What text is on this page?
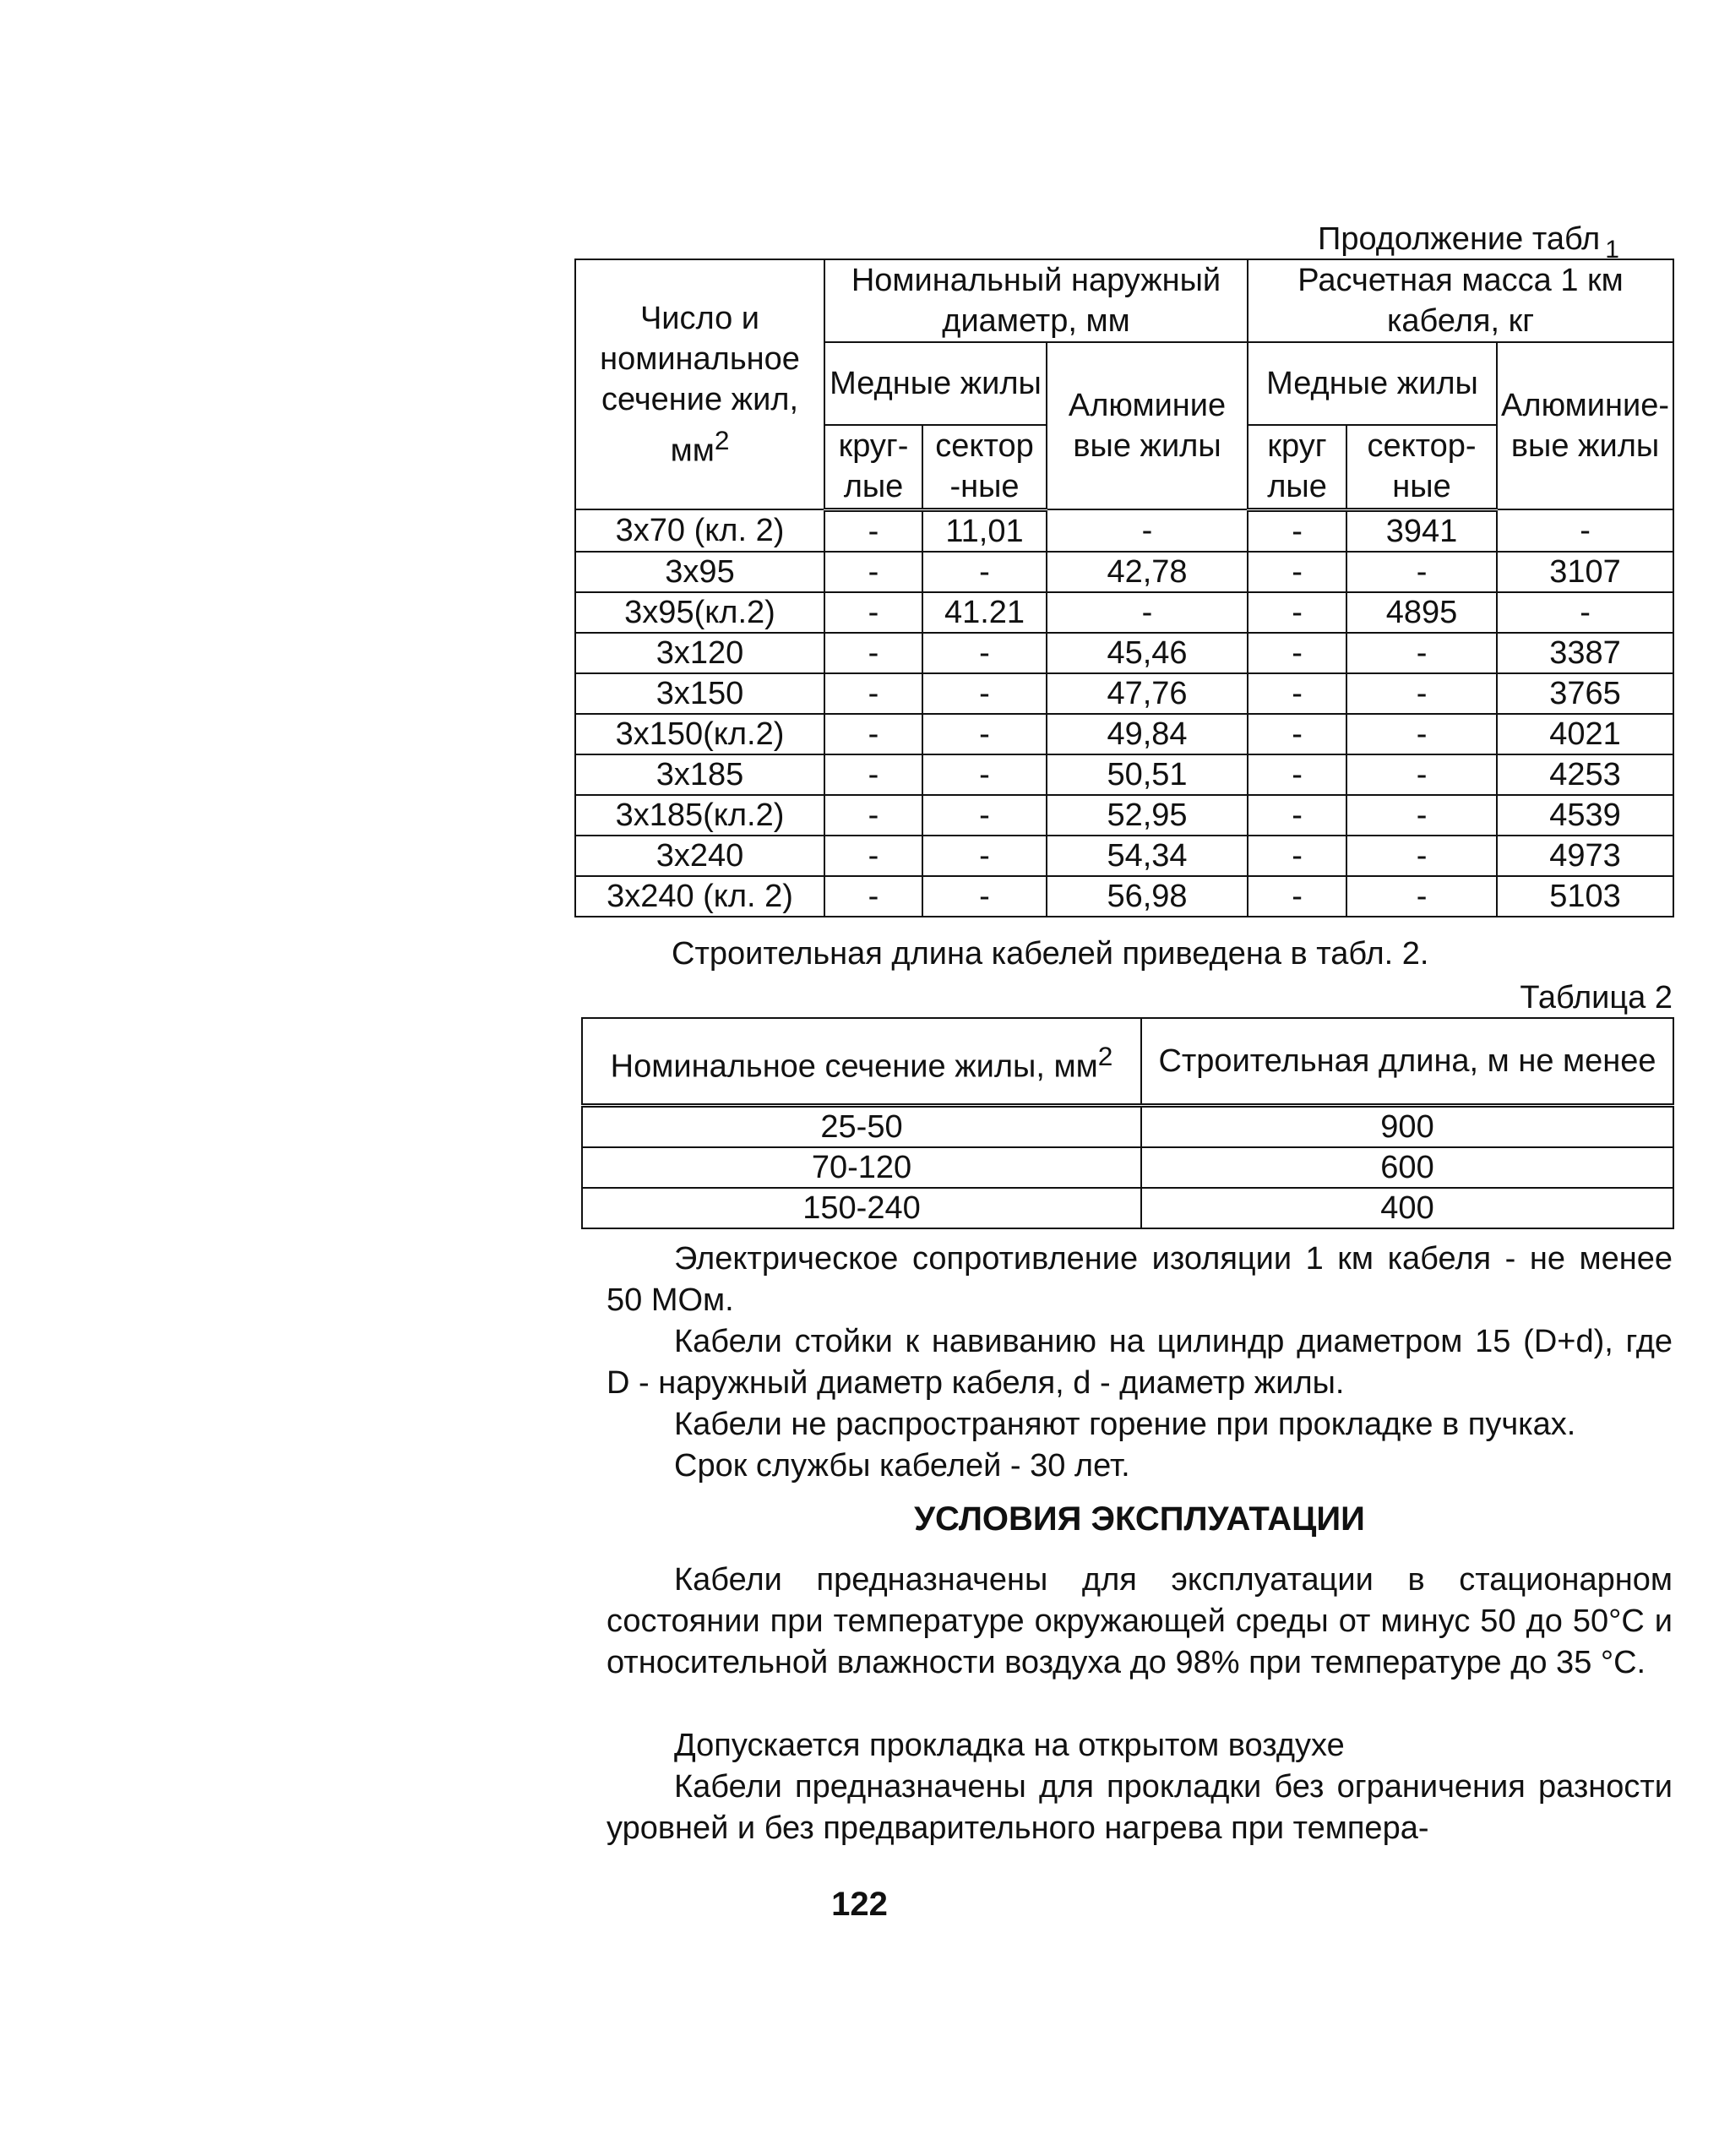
Продолжение табл $_1$
Число и номинальное сечение жил, $мм^2$	Номинальный наружный диаметр, мм			Расчетная масса 1 км кабеля, кг		
	Медные жилы		Алюминие вые жилы	Медные жилы		Алюминие-вые жилы
	круг-лые	сектор -ные		круг лые	сектор-ные	
3x70 (кл. 2)	-	11,01	-	-	3941	-
3x95	-	-	42,78	-	-	3107
3x95(кл.2)	-	41.21	-	-	4895	-
3x120	-	-	45,46	-	-	3387
3x150	-	-	47,76	-	-	3765
3x150(кл.2)	-	-	49,84	-	-	4021
3x185	-	-	50,51	-	-	4253
3x185(кл.2)	-	-	52,95	-	-	4539
3x240	-	-	54,34	-	-	4973
3x240 (кл. 2)	-	-	56,98	-	-	5103
Строительная длина кабелей приведена в табл. 2.
Таблица 2
Номинальное сечение жилы, $мм^2$	Строительная длина, м не менее
25-50	900
70-120	600
150-240	400
Электрическое сопротивление изоляции 1 км кабеля - не менее 50 МОм.
Кабели стойки к навиванию на цилиндр диаметром 15 (D+d), где D - наружный диаметр кабеля, d - диаметр жилы.
Кабели не распространяют горение при прокладке в пучках.
Срок службы кабелей - 30 лет.
УСЛОВИЯ ЭКСПЛУАТАЦИИ
Кабели предназначены для эксплуатации в стационарном состоянии при температуре окружающей среды от минус 50 до 50°С и относительной влажности воздуха до 98% при температуре до 35 °С.
Допускается прокладка на открытом воздухе
Кабели предназначены для прокладки без ограничения разности уровней и без предварительного нагрева при темпера-
122
